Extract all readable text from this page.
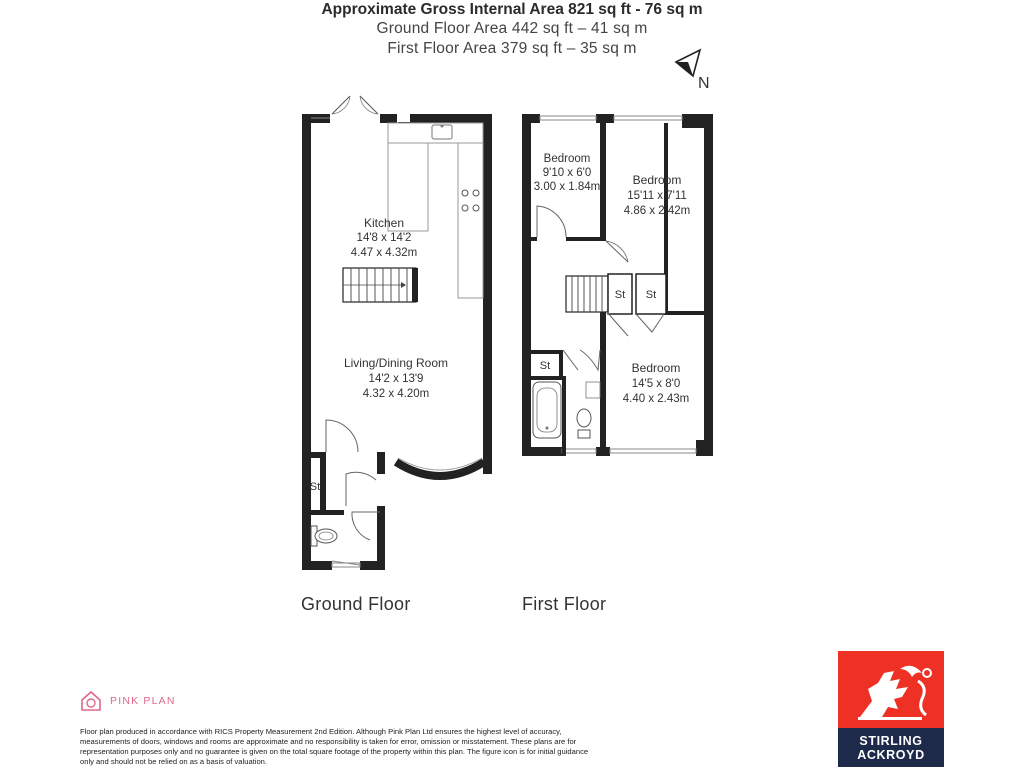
Approximate Gross Internal Area 821 sq ft - 76 sq m
Ground Floor Area 442 sq ft – 41 sq m
First Floor Area 379 sq ft – 35 sq m
N
Kitchen
14'8 x 14'2
4.47 x 4.32m
Living/Dining Room
14'2 x 13'9
4.32 x 4.20m
St
Bedroom
9'10 x 6'0
3.00 x 1.84m	Bedroom
15'11 x 7'11
4.86 x 2.42m
Bedroom
14'5 x 8'0
4.40 x 2.43m
St St
St
Ground Floor	First Floor
PINK PLAN
Floor plan produced in accordance with RICS Property Measurement 2nd Edition. Although Pink Plan Ltd ensures the highest level of accuracy, measurements of doors, windows and rooms are approximate and no responsibility is taken for error, omission or misstatement. These plans are for representation purposes only and no guarantee is given on the total square footage of the property within this plan. The figure icon is for initial guidance only and should not be relied on as a basis of valuation.
STIRLING
ACKROYD
